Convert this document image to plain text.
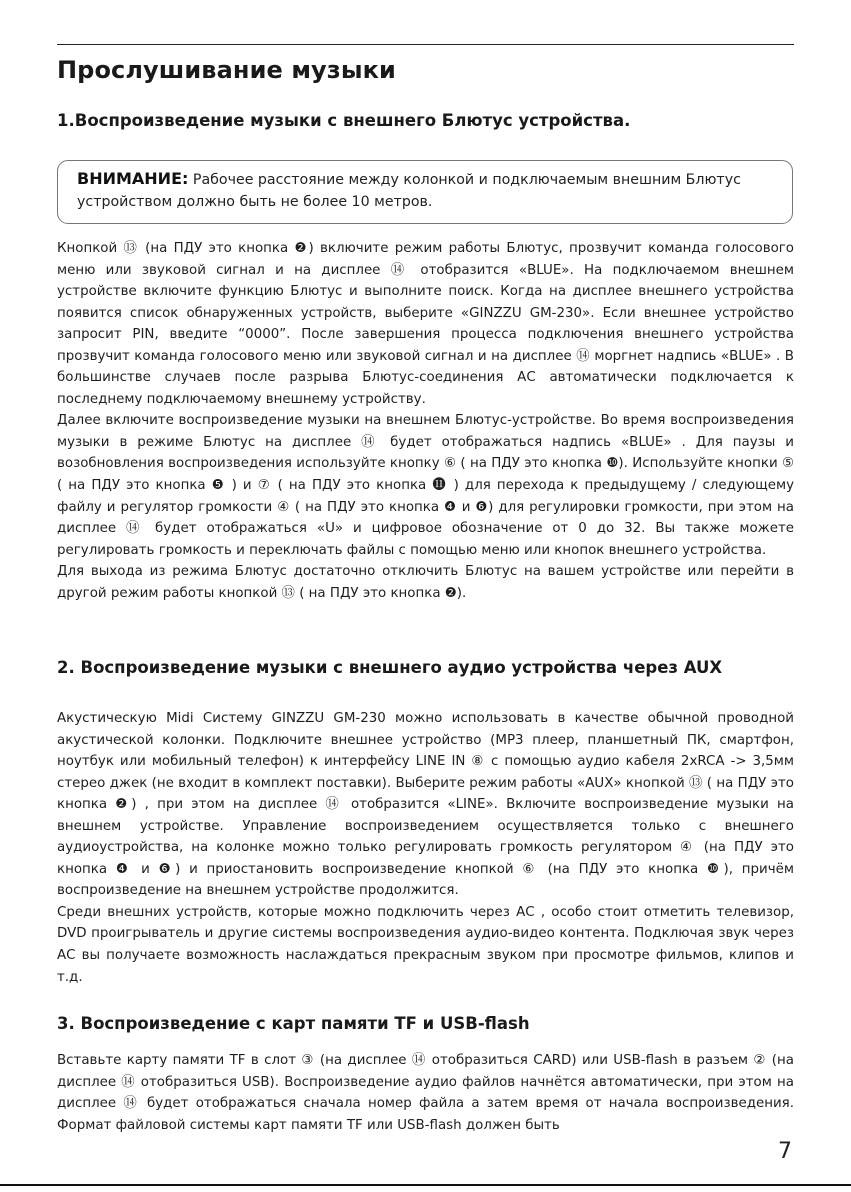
Прослушивание музыки
1.Воспроизведение музыки с внешнего Блютус устройства.
ВНИМАНИЕ: Рабочее расстояние между колонкой и подключаемым внешним Блютус устройством должно быть не более 10 метров.

Кнопкой ⑬ (на ПДУ это кнопка ❷) включите режим работы Блютус, прозвучит команда голосового меню или звуковой сигнал и на дисплее ⑭ отобразится «BLUE». На подключаемом внешнем устройстве включите функцию Блютус и выполните поиск. Когда на дисплее внешнего устройства появится список обнаруженных устройств, выберите «GINZZU GM-230». Если внешнее устройство запросит PIN, введите “0000”. После завершения процесса подключения внешнего устройства прозвучит команда голосового меню или звуковой сигнал и на дисплее ⑭ моргнет надпись «BLUE» . В большинстве случаев после разрыва Блютус-соединения АС автоматически подключается к последнему подключаемому внешнему устройству.

Далее включите воспроизведение музыки на внешнем Блютус-устройстве. Во время воспроизведения музыки в режиме Блютус на дисплее ⑭ будет отображаться надпись «BLUE» . Для паузы и возобновления воспроизведения используйте кнопку ⑥ ( на ПДУ это кнопка ❿). Используйте кнопки ⑤ ( на ПДУ это кнопка ❺ ) и ⑦ ( на ПДУ это кнопка ⓫ ) для перехода к предыдущему / следующему файлу и регулятор громкости ④ ( на ПДУ это кнопка ❹ и ❻) для регулировки громкости, при этом на дисплее ⑭ будет отображаться «U» и цифровое обозначение от 0 до 32. Вы также можете регулировать громкость и переключать файлы с помощью меню или кнопок внешнего устройства.

Для выхода из режима Блютус достаточно отключить Блютус на вашем устройстве или перейти в другой режим работы кнопкой ⑬ ( на ПДУ это кнопка ❷).

2. Воспроизведение музыки с внешнего аудио устройства через AUX

Акустическую Midi Систему GINZZU GM-230 можно использовать в качестве обычной проводной акустической колонки. Подключите внешнее устройство (MP3 плеер, планшетный ПК, смартфон, ноутбук или мобильный телефон) к интерфейсу LINE IN ⑧ с помощью аудио кабеля 2xRCA -> 3,5мм стерео джек (не входит в комплект поставки). Выберите режим работы «AUX» кнопкой ⑬ ( на ПДУ это кнопка ❷) , при этом на дисплее ⑭ отобразится «LINE». Включите воспроизведение музыки на внешнем устройстве. Управление воспроизведением осуществляется только с внешнего аудиоустройства, на колонке можно только регулировать громкость регулятором ④ (на ПДУ это кнопка ❹ и ❻) и приостановить воспроизведение кнопкой ⑥ (на ПДУ это кнопка ❿), причём воспроизведение на внешнем устройстве продолжится.

Среди внешних устройств, которые можно подключить через АС , особо стоит отметить телевизор, DVD проигрыватель и другие системы воспроизведения аудио-видео контента. Подключая звук через АС вы получаете возможность наслаждаться прекрасным звуком при просмотре фильмов, клипов и т.д.

3. Воспроизведение с карт памяти TF и USB-flash

Вставьте карту памяти TF в слот ③ (на дисплее ⑭ отобразиться CARD) или USB-flash в разъем ② (на дисплее ⑭ отобразиться USB). Воспроизведение аудио файлов начнётся автоматически, при этом на дисплее ⑭ будет отображаться сначала номер файла а затем время от начала воспроизведения. Формат файловой системы карт памяти TF или USB-flash должен быть

7
